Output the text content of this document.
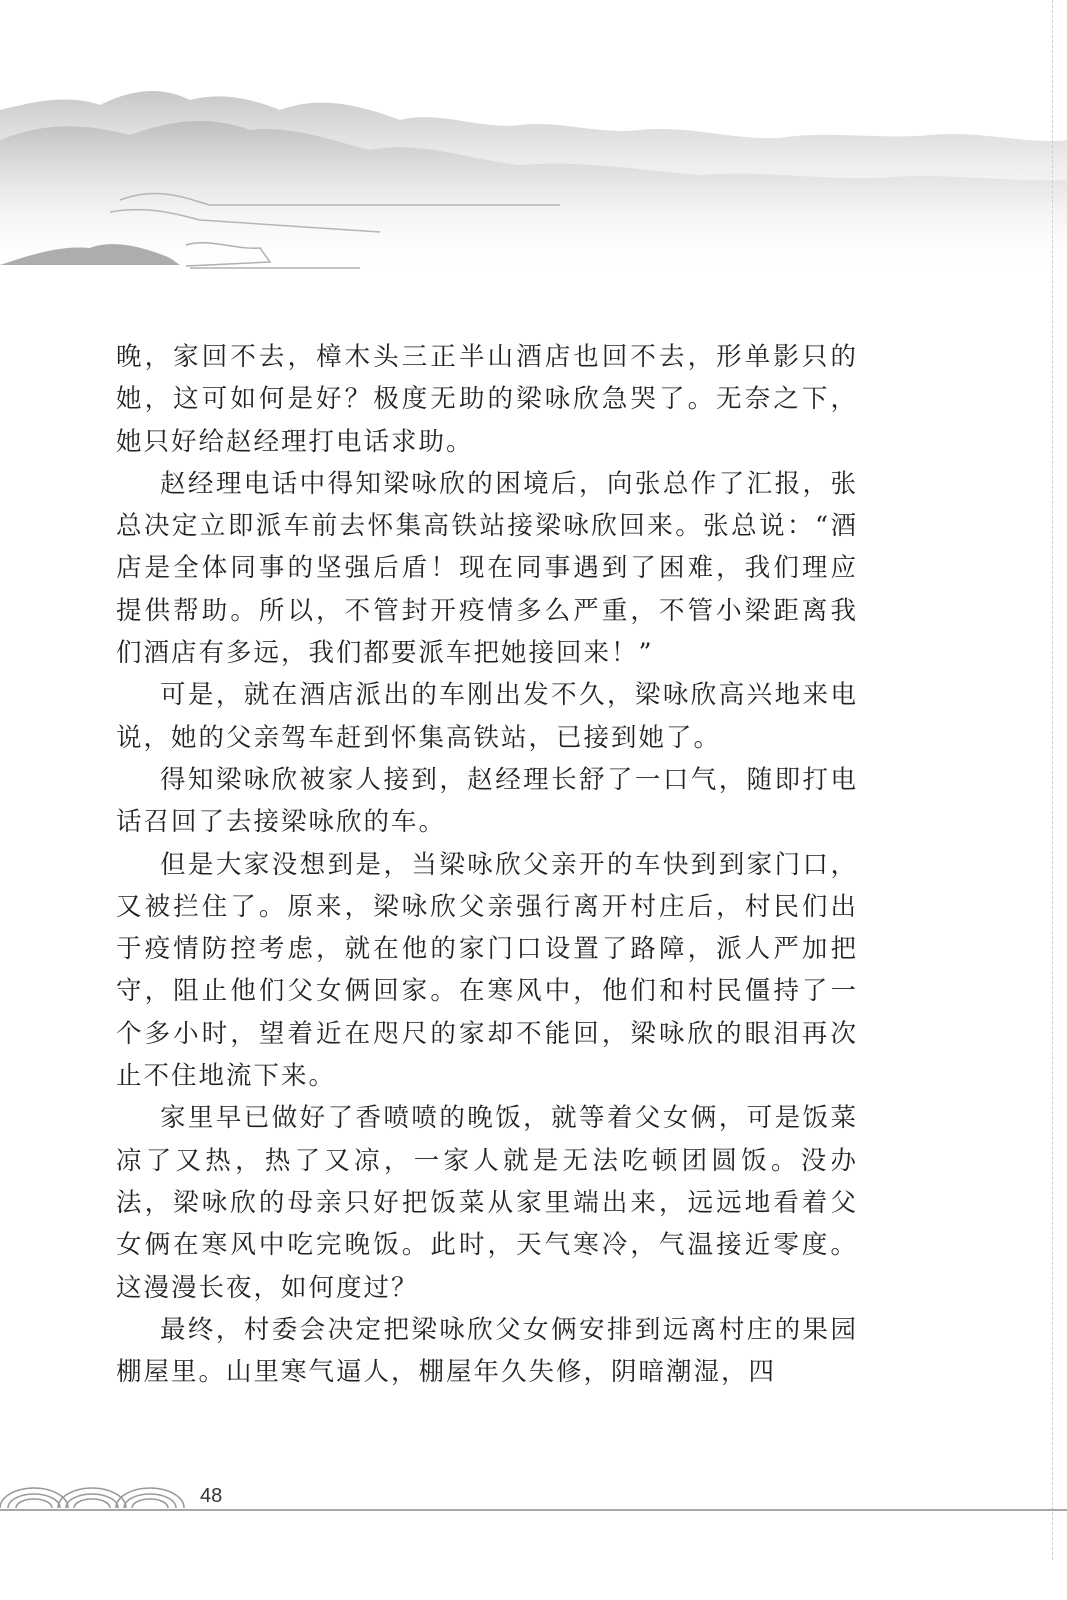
晚，家回不去，樟木头三正半山酒店也回不去，形单影只的她，这可如何是好？极度无助的梁咏欣急哭了。无奈之下，她只好给赵经理打电话求助。

赵经理电话中得知梁咏欣的困境后，向张总作了汇报，张总决定立即派车前去怀集高铁站接梁咏欣回来。张总说：“酒店是全体同事的坚强后盾！现在同事遇到了困难，我们理应提供帮助。所以，不管封开疫情多么严重，不管小梁距离我们酒店有多远，我们都要派车把她接回来！”

可是，就在酒店派出的车刚出发不久，梁咏欣高兴地来电说，她的父亲驾车赶到怀集高铁站，已接到她了。

得知梁咏欣被家人接到，赵经理长舒了一口气，随即打电话召回了去接梁咏欣的车。

但是大家没想到是，当梁咏欣父亲开的车快到到家门口，又被拦住了。原来，梁咏欣父亲强行离开村庄后，村民们出于疫情防控考虑，就在他的家门口设置了路障，派人严加把守，阻止他们父女俩回家。在寒风中，他们和村民僵持了一个多小时，望着近在咫尺的家却不能回，梁咏欣的眼泪再次止不住地流下来。

家里早已做好了香喷喷的晚饭，就等着父女俩，可是饭菜凉了又热，热了又凉，一家人就是无法吃顿团圆饭。没办法，梁咏欣的母亲只好把饭菜从家里端出来，远远地看着父女俩在寒风中吃完晚饭。此时，天气寒冷，气温接近零度。这漫漫长夜，如何度过？

最终，村委会决定把梁咏欣父女俩安排到远离村庄的果园棚屋里。山里寒气逼人，棚屋年久失修，阴暗潮湿，四

48
